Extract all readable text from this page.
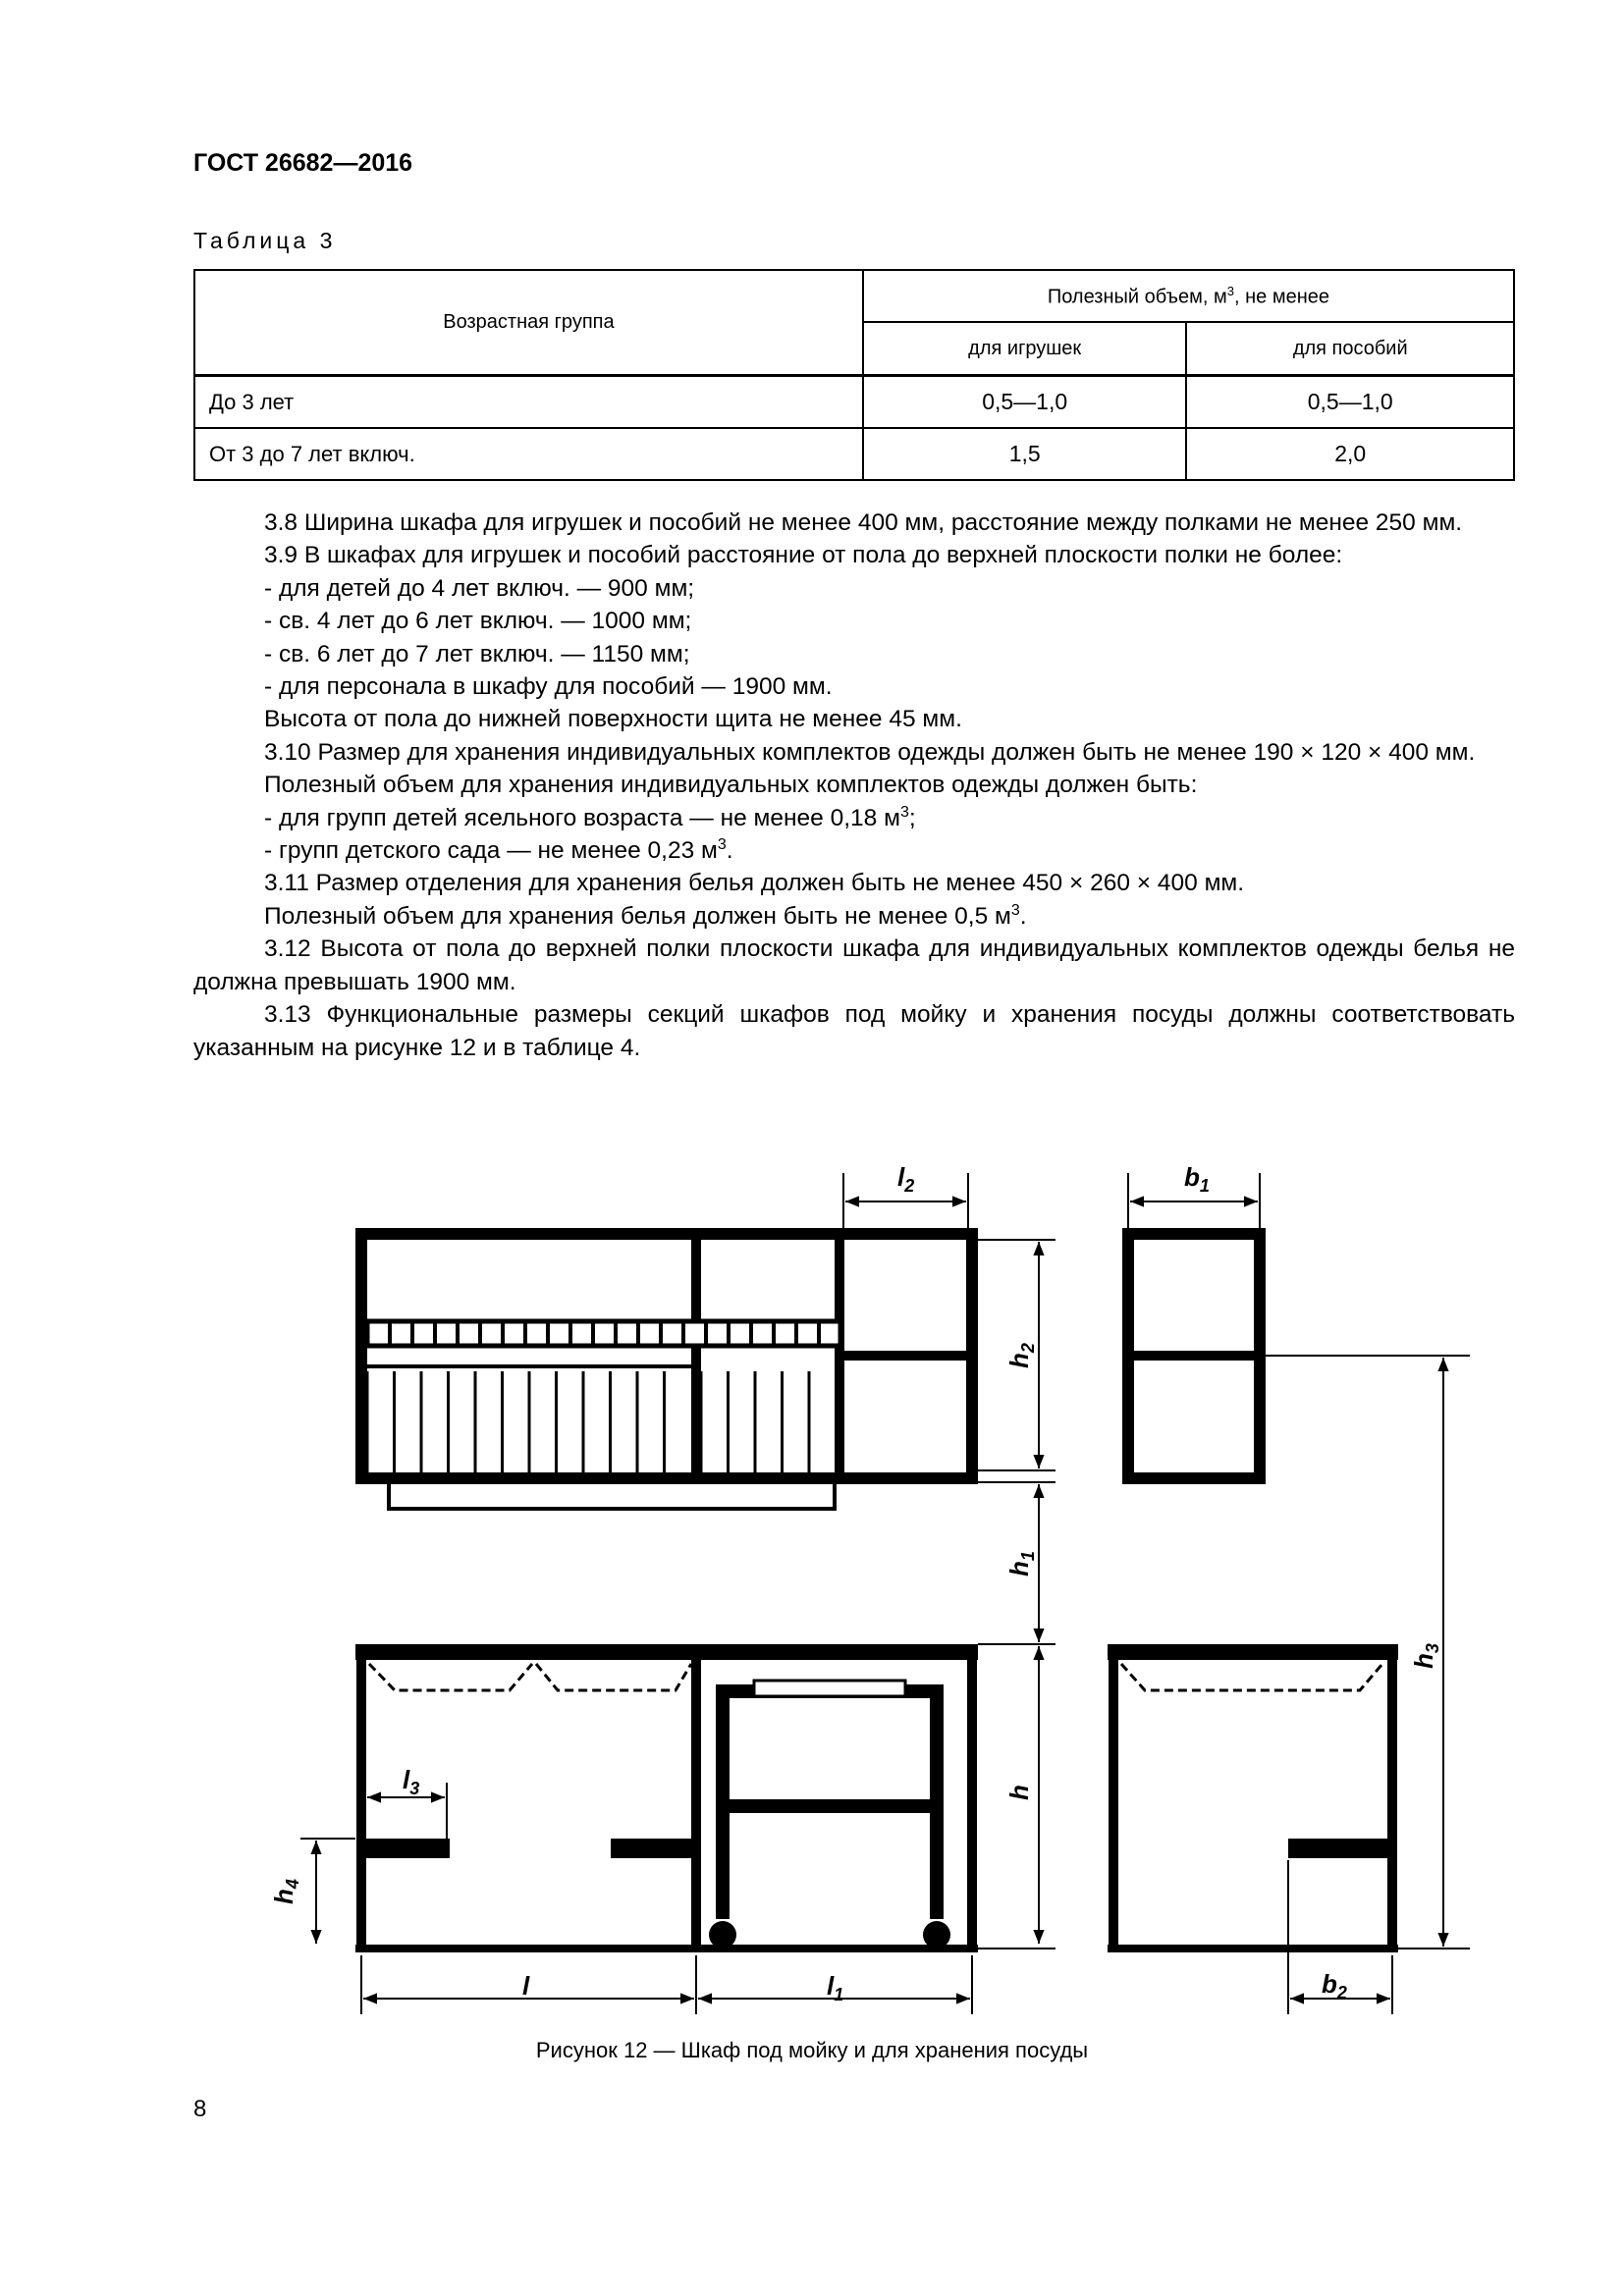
ГОСТ 26682—2016
Таблица 3
Возрастная группа	Полезный объем, $м^3$, не менее	
	для игрушек	для пособий
До 3 лет	0,5—1,0	0,5—1,0
От 3 до 7 лет включ.	1,5	2,0

3.8 Ширина шкафа для игрушек и пособий не менее 400 мм, расстояние между полками не менее 250 мм.

3.9 В шкафах для игрушек и пособий расстояние от пола до верхней плоскости полки не более:

- для детей до 4 лет включ. — 900 мм;

- св. 4 лет до 6 лет включ. — 1000 мм;

- св. 6 лет до 7 лет включ. — 1150 мм;

- для персонала в шкафу для пособий — 1900 мм.

Высота от пола до нижней поверхности щита не менее 45 мм.

3.10 Размер для хранения индивидуальных комплектов одежды должен быть не менее 190 × 120 × 400 мм.

Полезный объем для хранения индивидуальных комплектов одежды должен быть:

- для групп детей ясельного возраста — не менее 0,18 $м^3$;

- групп детского сада — не менее 0,23 $м^3$.

3.11 Размер отделения для хранения белья должен быть не менее 450 × 260 × 400 мм.

Полезный объем для хранения белья должен быть не менее 0,5 $м^3$.

3.12 Высота от пола до верхней полки плоскости шкафа для индивидуальных комплектов одежды белья не должна превышать 1900 мм.

3.13 Функциональные размеры секций шкафов под мойку и хранения посуды должны соответствовать указанным на рисунке 12 и в таблице 4.

$l_2$	$b_1$
$l_3$
l	$l_1$	$b_2$
$h_2$
$h_1$
h
$h_3$
$h_4$
Рисунок 12 — Шкаф под мойку и для хранения посуды
8
